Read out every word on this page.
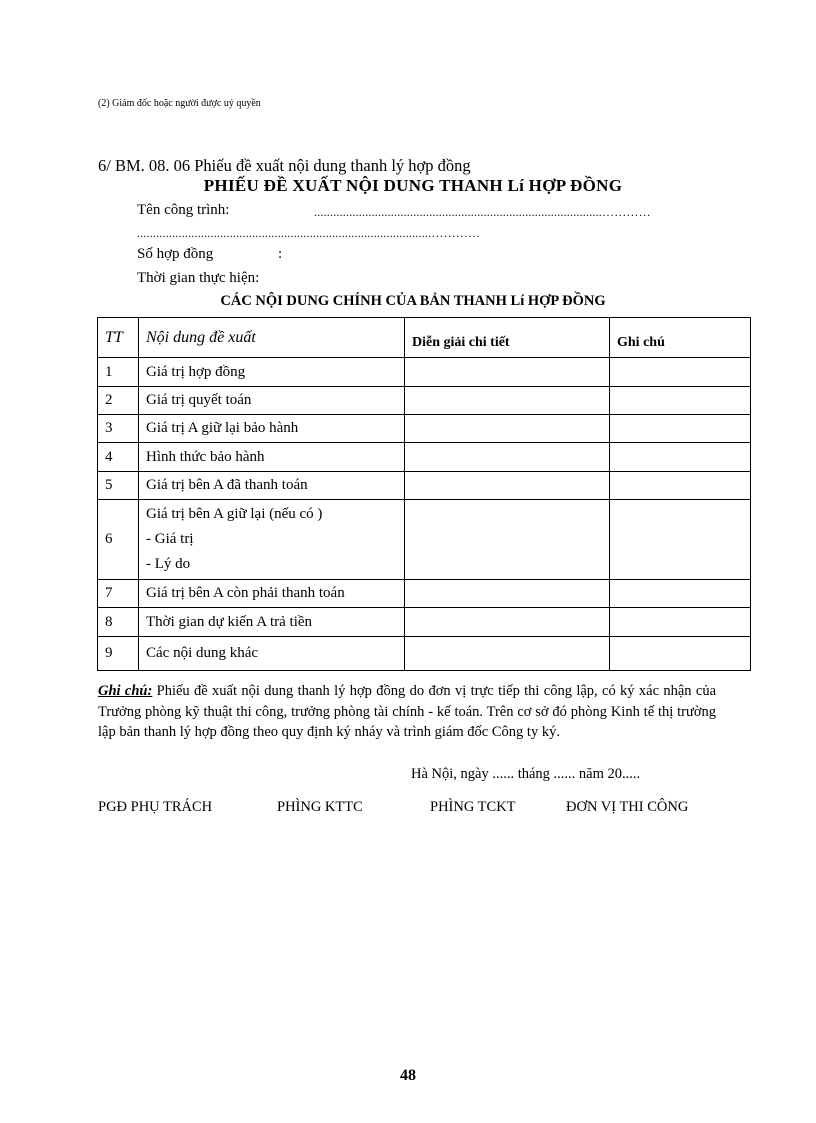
(2) Giám đốc hoặc người được uỷ quyền
6/ BM. 08. 06 Phiếu đề xuất nội dung thanh lý hợp đồng
PHIẾU ĐỀ XUẤT NỘI DUNG THANH Lí HỢP ĐỒNG
Tên công trình:	..........................................................................................…………
............................................................................................…………
Số hợp đồng	:
Thời gian thực hiện:
CÁC NỘI DUNG CHÍNH CỦA BẢN THANH Lí HỢP ĐỒNG
TT	Nội dung đề xuất	Diễn giải chi tiết	Ghi chú
1	Giá trị hợp đồng		
2	Giá trị quyết toán		
3	Giá trị A giữ lại bảo hành		
4	Hình thức bảo hành		
5	Giá trị bên A đã thanh toán		
6	Giá trị bên A giữ lại (nếu có )
- Giá trị
- Lý do		

7	Giá trị bên A còn phải thanh toán		
8	Thời gian dự kiến A trả tiền		
9	Các nội dung khác		
Ghi chú: Phiếu đề xuất nội dung thanh lý hợp đồng do đơn vị trực tiếp thi công lập, có ký xác nhận của Trưởng phòng kỹ thuật thi công, trưởng phòng tài chính - kế toán. Trên cơ sở đó phòng Kinh tế thị trường lập bản thanh lý hợp đồng theo quy định ký nháy và trình giám đốc Công ty ký.
Hà Nội, ngày ...... tháng ...... năm 20.....
PGĐ PHỤ TRÁCH	PHÌNG KTTC	PHÌNG TCKT	ĐƠN VỊ THI CÔNG
48
